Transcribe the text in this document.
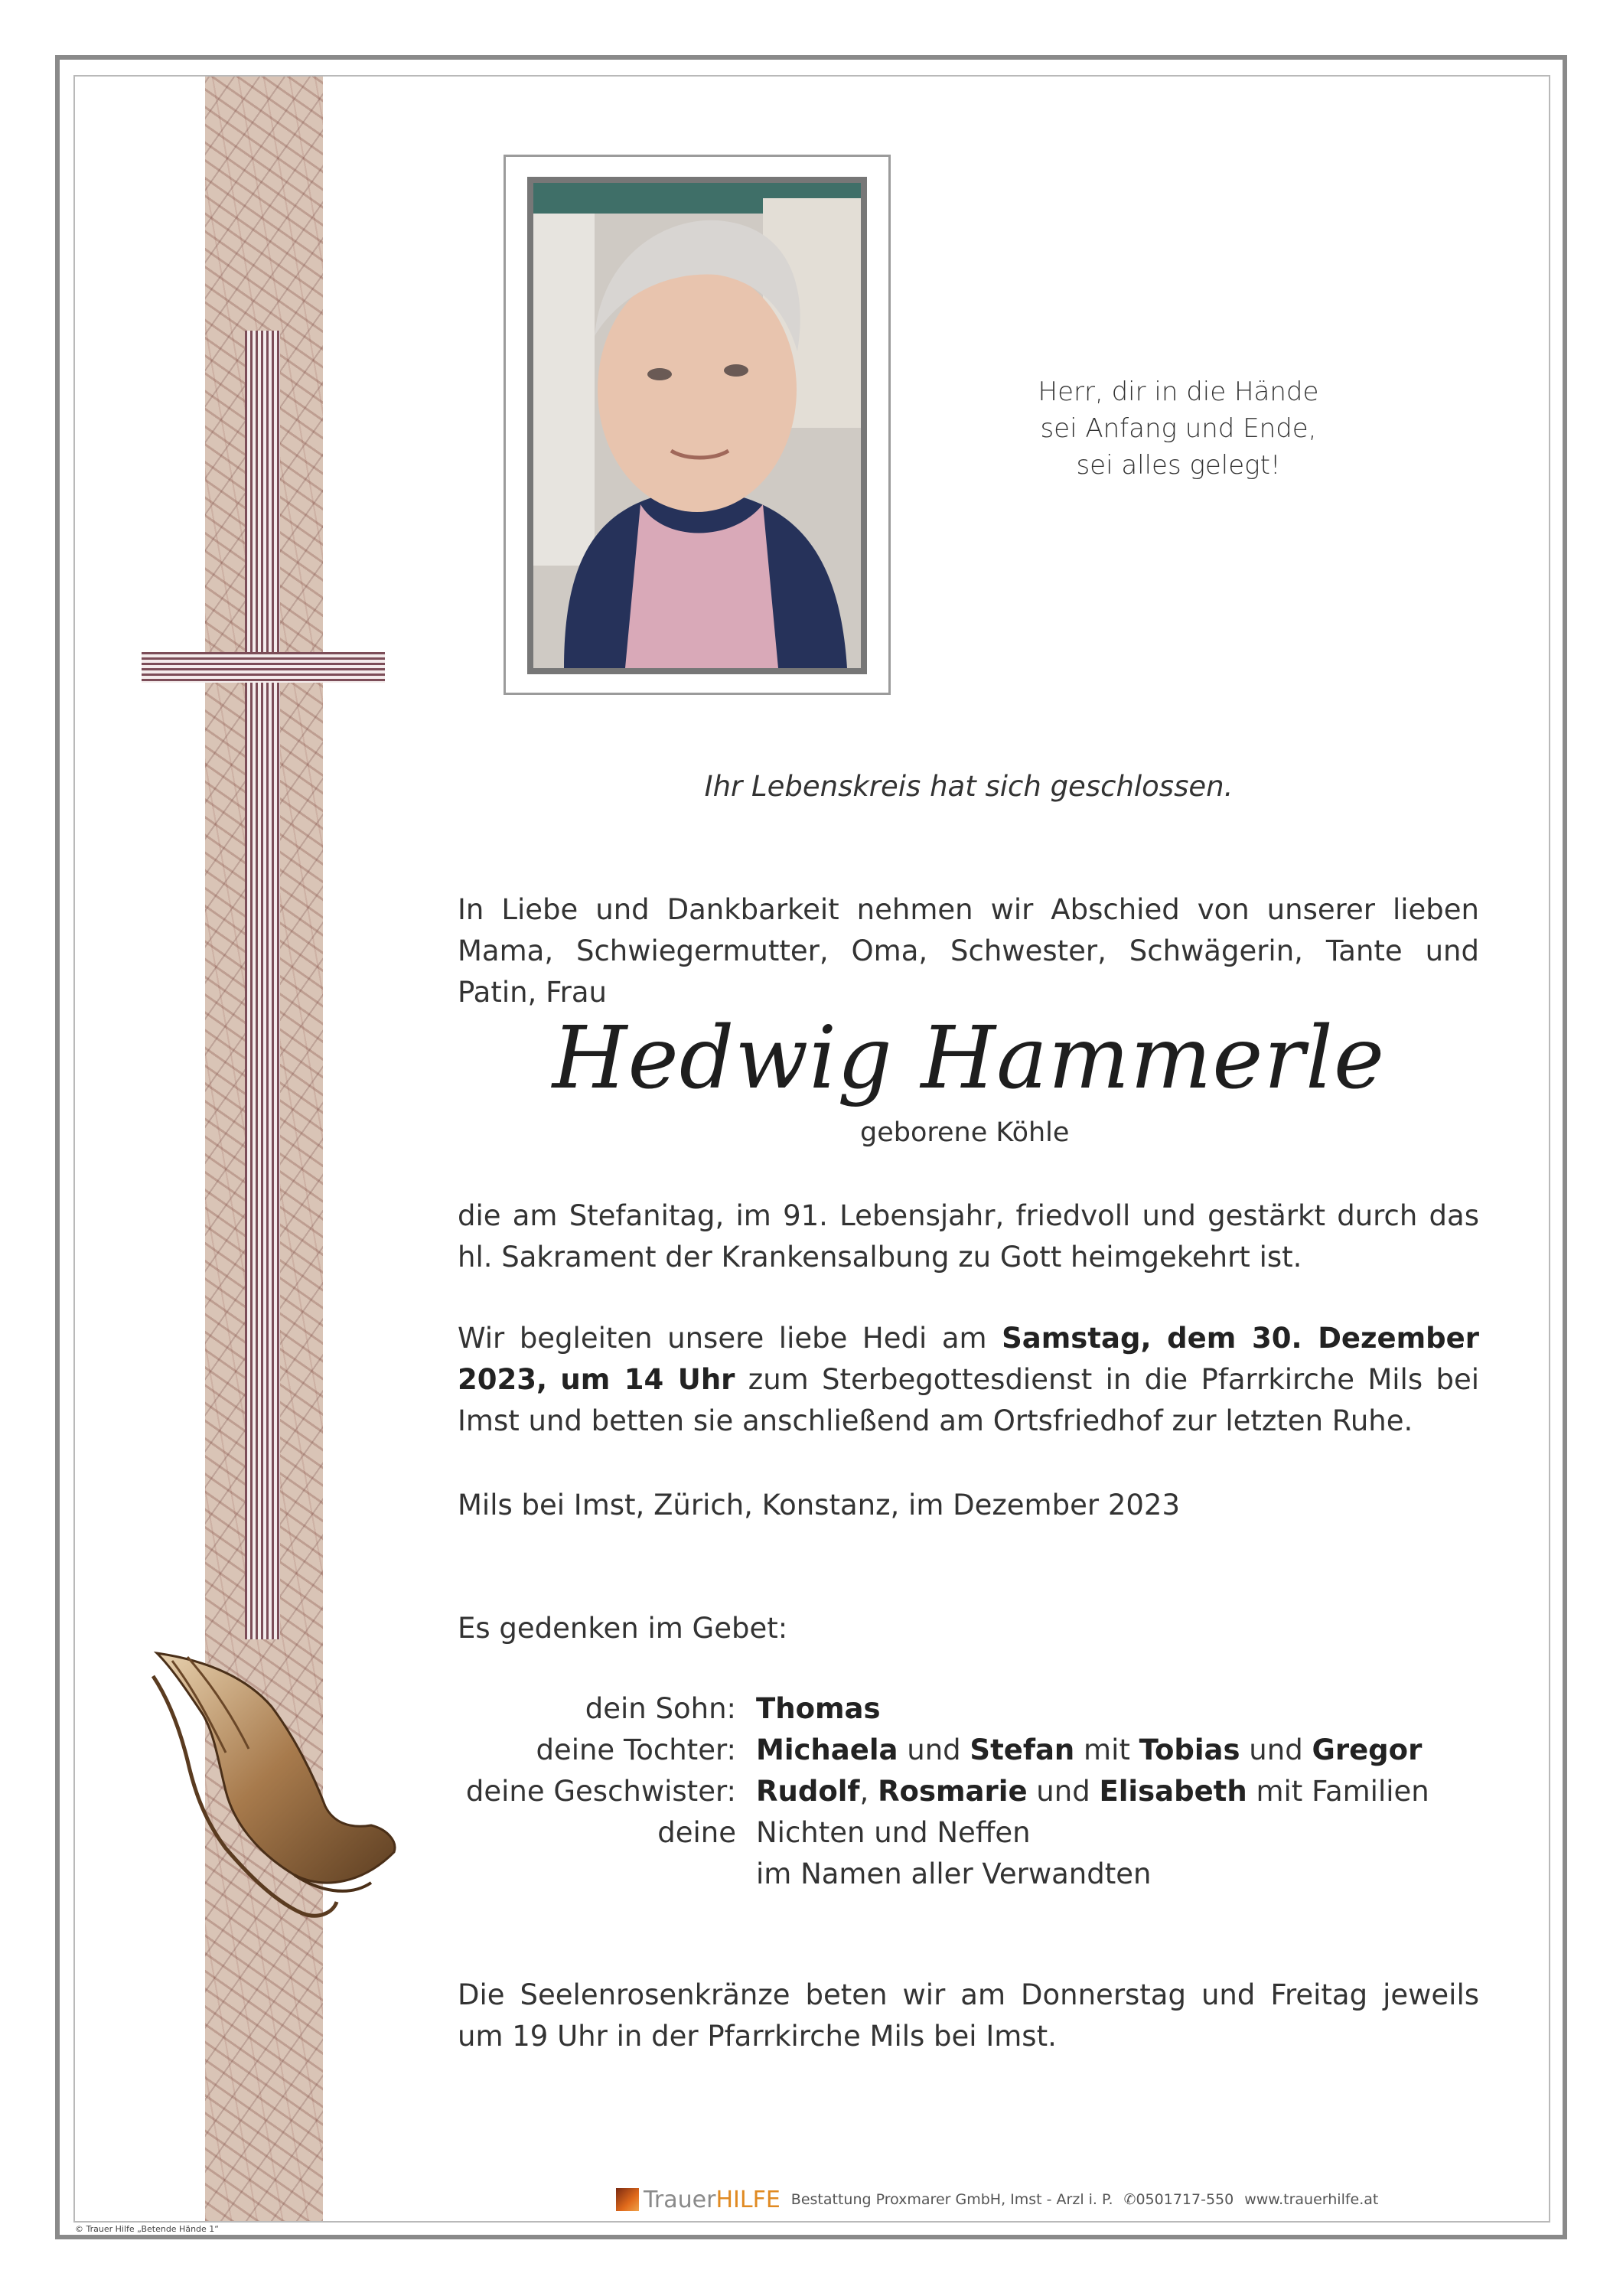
Herr, dir in die Hände
sei Anfang und Ende,
sei alles gelegt!
Ihr Lebenskreis hat sich geschlossen.
In Liebe und Dankbarkeit nehmen wir Abschied von unserer lieben Mama, Schwiegermutter, Oma, Schwester, Schwägerin, Tante und Patin, Frau
Hedwig Hammerle
geborene Köhle
die am Stefanitag, im 91. Lebensjahr, friedvoll und gestärkt durch das hl. Sakrament der Krankensalbung zu Gott heimgekehrt ist.
Wir begleiten unsere liebe Hedi am Samstag, dem 30. Dezember 2023, um 14 Uhr zum Sterbegottesdienst in die Pfarrkirche Mils bei Imst und betten sie anschließend am Ortsfriedhof zur letzten Ruhe.
Mils bei Imst, Zürich, Konstanz, im Dezember 2023
Es gedenken im Gebet:
dein Sohn: Thomas
deine Tochter: Michaela und Stefan mit Tobias und Gregor
deine Geschwister: Rudolf, Rosmarie und Elisabeth mit Familien
deine Nichten und Neffen
im Namen aller Verwandten
Die Seelenrosenkränze beten wir am Donnerstag und Freitag jeweils um 19 Uhr in der Pfarrkirche Mils bei Imst.
Trauer HILFE Bestattung Proxmarer GmbH, Imst - Arzl i. P. ✆0501717-550 www.trauerhilfe.at
© Trauer Hilfe „Betende Hände 1“
